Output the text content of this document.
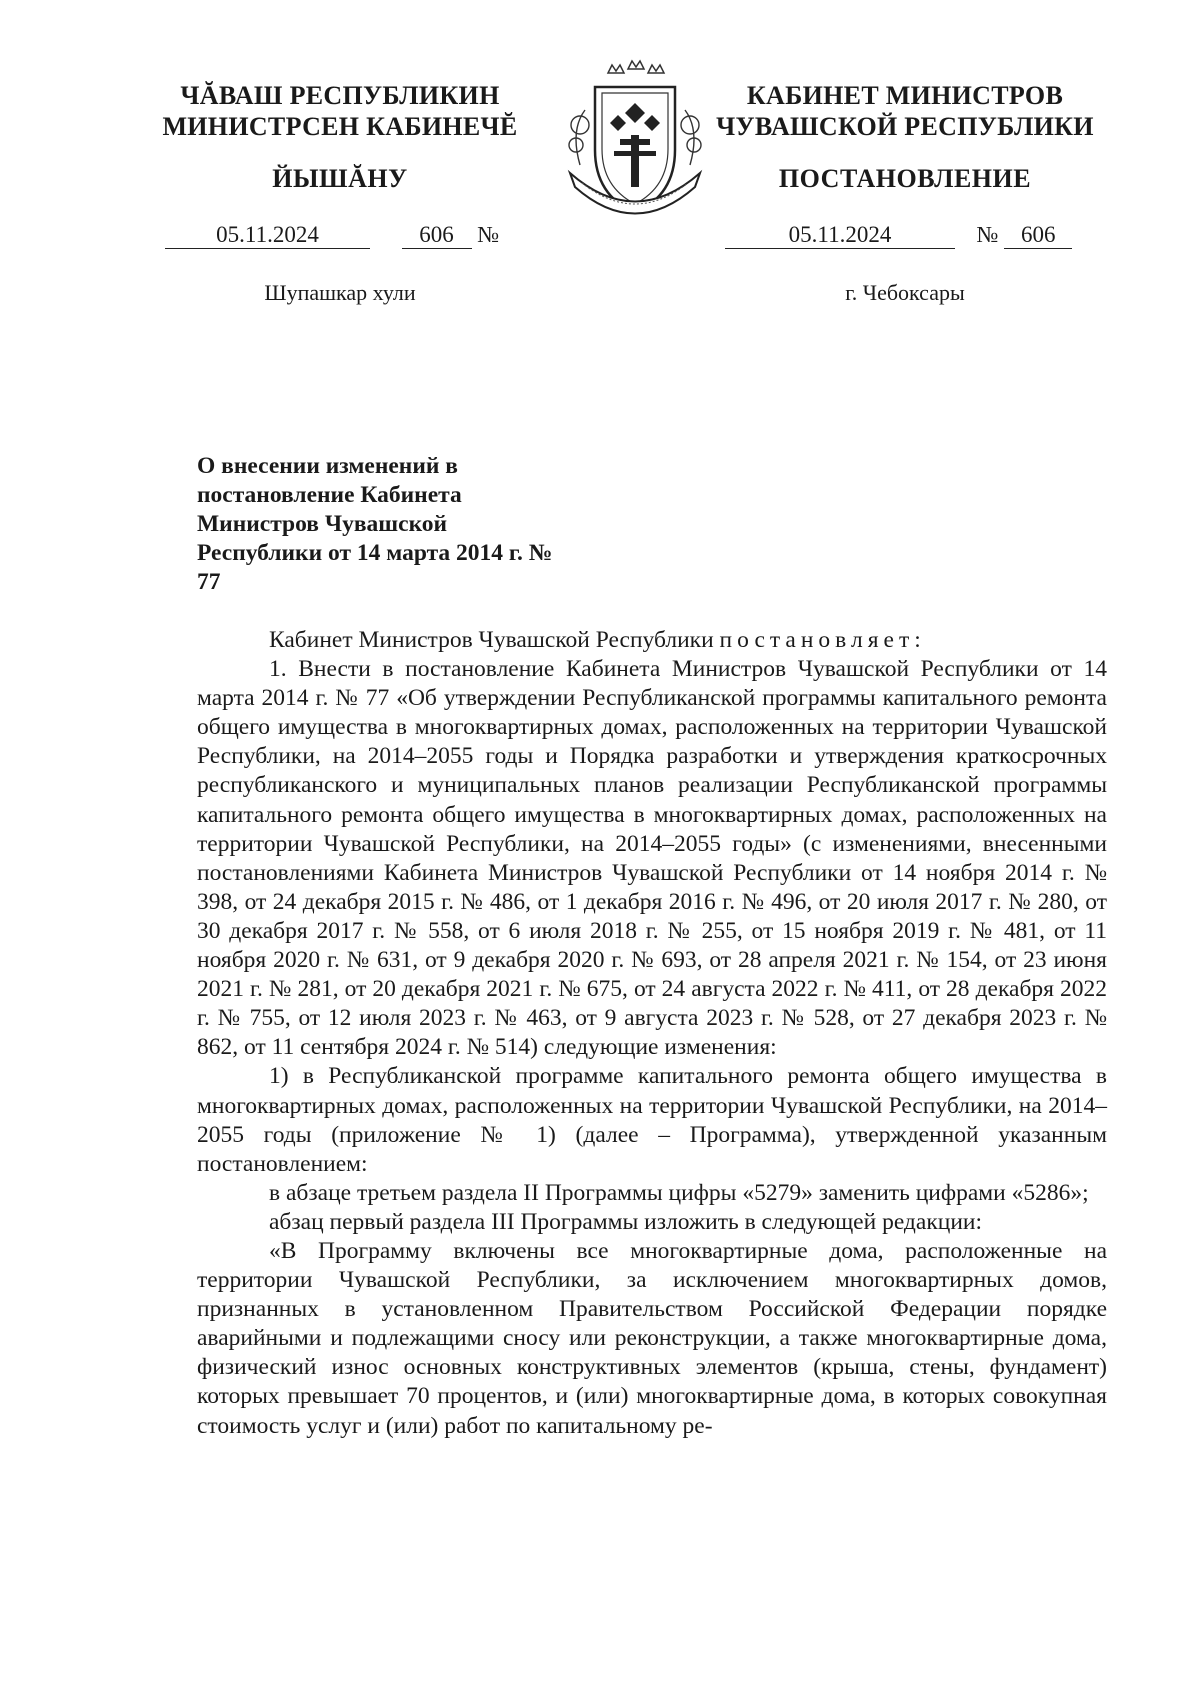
ЧĂВАШ РЕСПУБЛИКИН
МИНИСТРСЕН КАБИНЕЧĔ
ЙЫШĂНУ
КАБИНЕТ МИНИСТРОВ
ЧУВАШСКОЙ РЕСПУБЛИКИ
ПОСТАНОВЛЕНИЕ
05.11.2024	606 №	05.11.2024	№ 606
Шупашкар хули	г. Чебоксары
О внесении изменений в постановление Кабинета Министров Чувашской Республики от 14 марта 2014 г. № 77

Кабинет Министров Чувашской Республики постановляет:

1. Внести в постановление Кабинета Министров Чувашской Республики от 14 марта 2014 г. № 77 «Об утверждении Республиканской программы капитального ремонта общего имущества в многоквартирных домах, расположенных на территории Чувашской Республики, на 2014–2055 годы и Порядка разработки и утверждения краткосрочных республиканского и муниципальных планов реализации Республиканской программы капитального ремонта общего имущества в многоквартирных домах, расположенных на территории Чувашской Республики, на 2014–2055 годы» (с изменениями, внесенными постановлениями Кабинета Министров Чувашской Республики от 14 ноября 2014 г. № 398, от 24 декабря 2015 г. № 486, от 1 декабря 2016 г. № 496, от 20 июля 2017 г. № 280, от 30 декабря 2017 г. № 558, от 6 июля 2018 г. № 255, от 15 ноября 2019 г. № 481, от 11 ноября 2020 г. № 631, от 9 декабря 2020 г. № 693, от 28 апреля 2021 г. № 154, от 23 июня 2021 г. № 281, от 20 декабря 2021 г. № 675, от 24 августа 2022 г. № 411, от 28 декабря 2022 г. № 755, от 12 июля 2023 г. № 463, от 9 августа 2023 г. № 528, от 27 декабря 2023 г. № 862, от 11 сентября 2024 г. № 514) следующие изменения:

1) в Республиканской программе капитального ремонта общего имущества в многоквартирных домах, расположенных на территории Чувашской Республики, на 2014–2055 годы (приложение № 1) (далее – Программа), утвержденной указанным постановлением:

в абзаце третьем раздела II Программы цифры «5279» заменить цифрами «5286»;

абзац первый раздела III Программы изложить в следующей редакции:

«В Программу включены все многоквартирные дома, расположенные на территории Чувашской Республики, за исключением многоквартирных домов, признанных в установленном Правительством Российской Федерации порядке аварийными и подлежащими сносу или реконструкции, а также многоквартирные дома, физический износ основных конструктивных элементов (крыша, стены, фундамент) которых превышает 70 процентов, и (или) многоквартирные дома, в которых совокупная стоимость услуг и (или) работ по капитальному ре-
